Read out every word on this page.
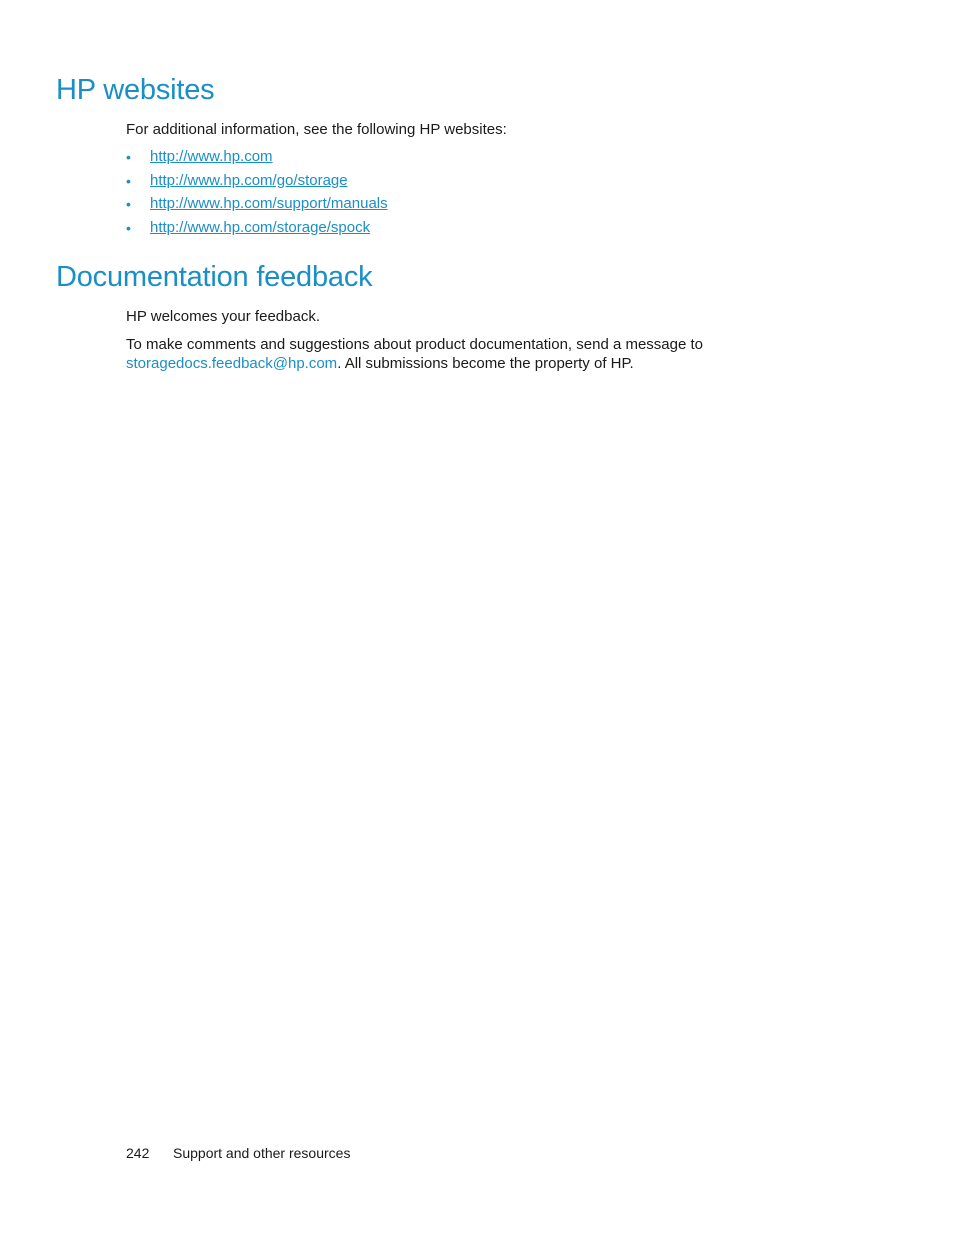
HP websites

For additional information, see the following HP websites:

• http://www.hp.com
• http://www.hp.com/go/storage
• http://www.hp.com/support/manuals
• http://www.hp.com/storage/spock
Documentation feedback

HP welcomes your feedback.

To make comments and suggestions about product documentation, send a message to
storagedocs.feedback@hp.com. All submissions become the property of HP.

242 Support and other resources
